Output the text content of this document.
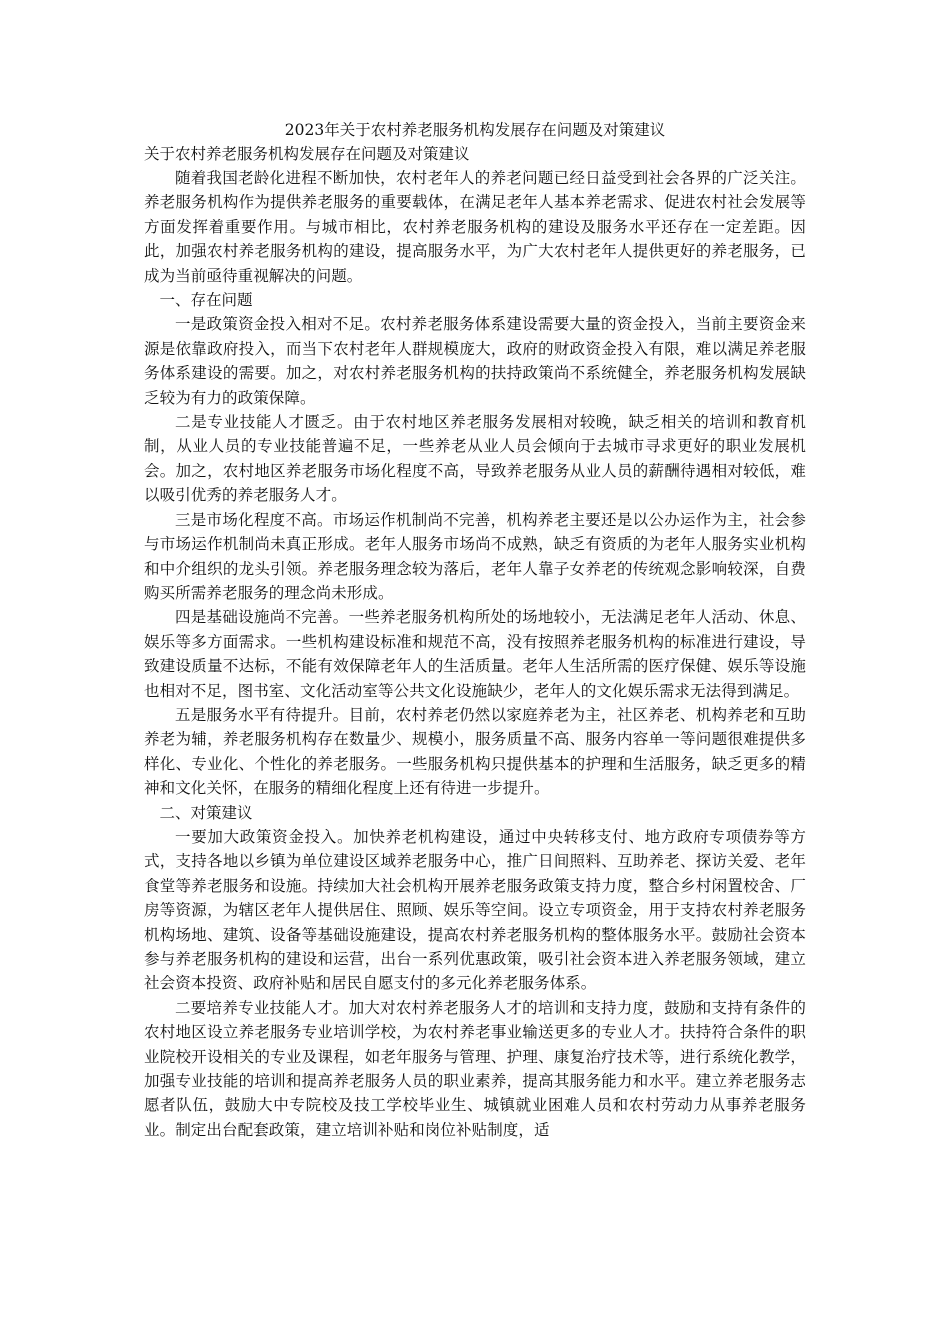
2023年关于农村养老服务机构发展存在问题及对策建议

关于农村养老服务机构发展存在问题及对策建议

随着我国老龄化进程不断加快，农村老年人的养老问题已经日益受到社会各界的广泛关注。养老服务机构作为提供养老服务的重要载体，在满足老年人基本养老需求、促进农村社会发展等方面发挥着重要作用。与城市相比，农村养老服务机构的建设及服务水平还存在一定差距。因此，加强农村养老服务机构的建设，提高服务水平，为广大农村老年人提供更好的养老服务，已成为当前亟待重视解决的问题。

一、存在问题

一是政策资金投入相对不足。农村养老服务体系建设需要大量的资金投入，当前主要资金来源是依靠政府投入，而当下农村老年人群规模庞大，政府的财政资金投入有限，难以满足养老服务体系建设的需要。加之，对农村养老服务机构的扶持政策尚不系统健全，养老服务机构发展缺乏较为有力的政策保障。

二是专业技能人才匮乏。由于农村地区养老服务发展相对较晚，缺乏相关的培训和教育机制，从业人员的专业技能普遍不足，一些养老从业人员会倾向于去城市寻求更好的职业发展机会。加之，农村地区养老服务市场化程度不高，导致养老服务从业人员的薪酬待遇相对较低，难以吸引优秀的养老服务人才。

三是市场化程度不高。市场运作机制尚不完善，机构养老主要还是以公办运作为主，社会参与市场运作机制尚未真正形成。老年人服务市场尚不成熟，缺乏有资质的为老年人服务实业机构和中介组织的龙头引领。养老服务理念较为落后，老年人靠子女养老的传统观念影响较深，自费购买所需养老服务的理念尚未形成。

四是基础设施尚不完善。一些养老服务机构所处的场地较小，无法满足老年人活动、休息、娱乐等多方面需求。一些机构建设标准和规范不高，没有按照养老服务机构的标准进行建设，导致建设质量不达标，不能有效保障老年人的生活质量。老年人生活所需的医疗保健、娱乐等设施也相对不足，图书室、文化活动室等公共文化设施缺少，老年人的文化娱乐需求无法得到满足。

五是服务水平有待提升。目前，农村养老仍然以家庭养老为主，社区养老、机构养老和互助养老为辅，养老服务机构存在数量少、规模小，服务质量不高、服务内容单一等问题很难提供多样化、专业化、个性化的养老服务。一些服务机构只提供基本的护理和生活服务，缺乏更多的精神和文化关怀，在服务的精细化程度上还有待进一步提升。

二、对策建议

一要加大政策资金投入。加快养老机构建设，通过中央转移支付、地方政府专项债券等方式，支持各地以乡镇为单位建设区域养老服务中心，推广日间照料、互助养老、探访关爱、老年食堂等养老服务和设施。持续加大社会机构开展养老服务政策支持力度，整合乡村闲置校舍、厂房等资源，为辖区老年人提供居住、照顾、娱乐等空间。设立专项资金，用于支持农村养老服务机构场地、建筑、设备等基础设施建设，提高农村养老服务机构的整体服务水平。鼓励社会资本参与养老服务机构的建设和运营，出台一系列优惠政策，吸引社会资本进入养老服务领域，建立社会资本投资、政府补贴和居民自愿支付的多元化养老服务体系。

二要培养专业技能人才。加大对农村养老服务人才的培训和支持力度，鼓励和支持有条件的农村地区设立养老服务专业培训学校，为农村养老事业输送更多的专业人才。扶持符合条件的职业院校开设相关的专业及课程，如老年服务与管理、护理、康复治疗技术等，进行系统化教学，加强专业技能的培训和提高养老服务人员的职业素养，提高其服务能力和水平。建立养老服务志愿者队伍，鼓励大中专院校及技工学校毕业生、城镇就业困难人员和农村劳动力从事养老服务业。制定出台配套政策，建立培训补贴和岗位补贴制度，适
